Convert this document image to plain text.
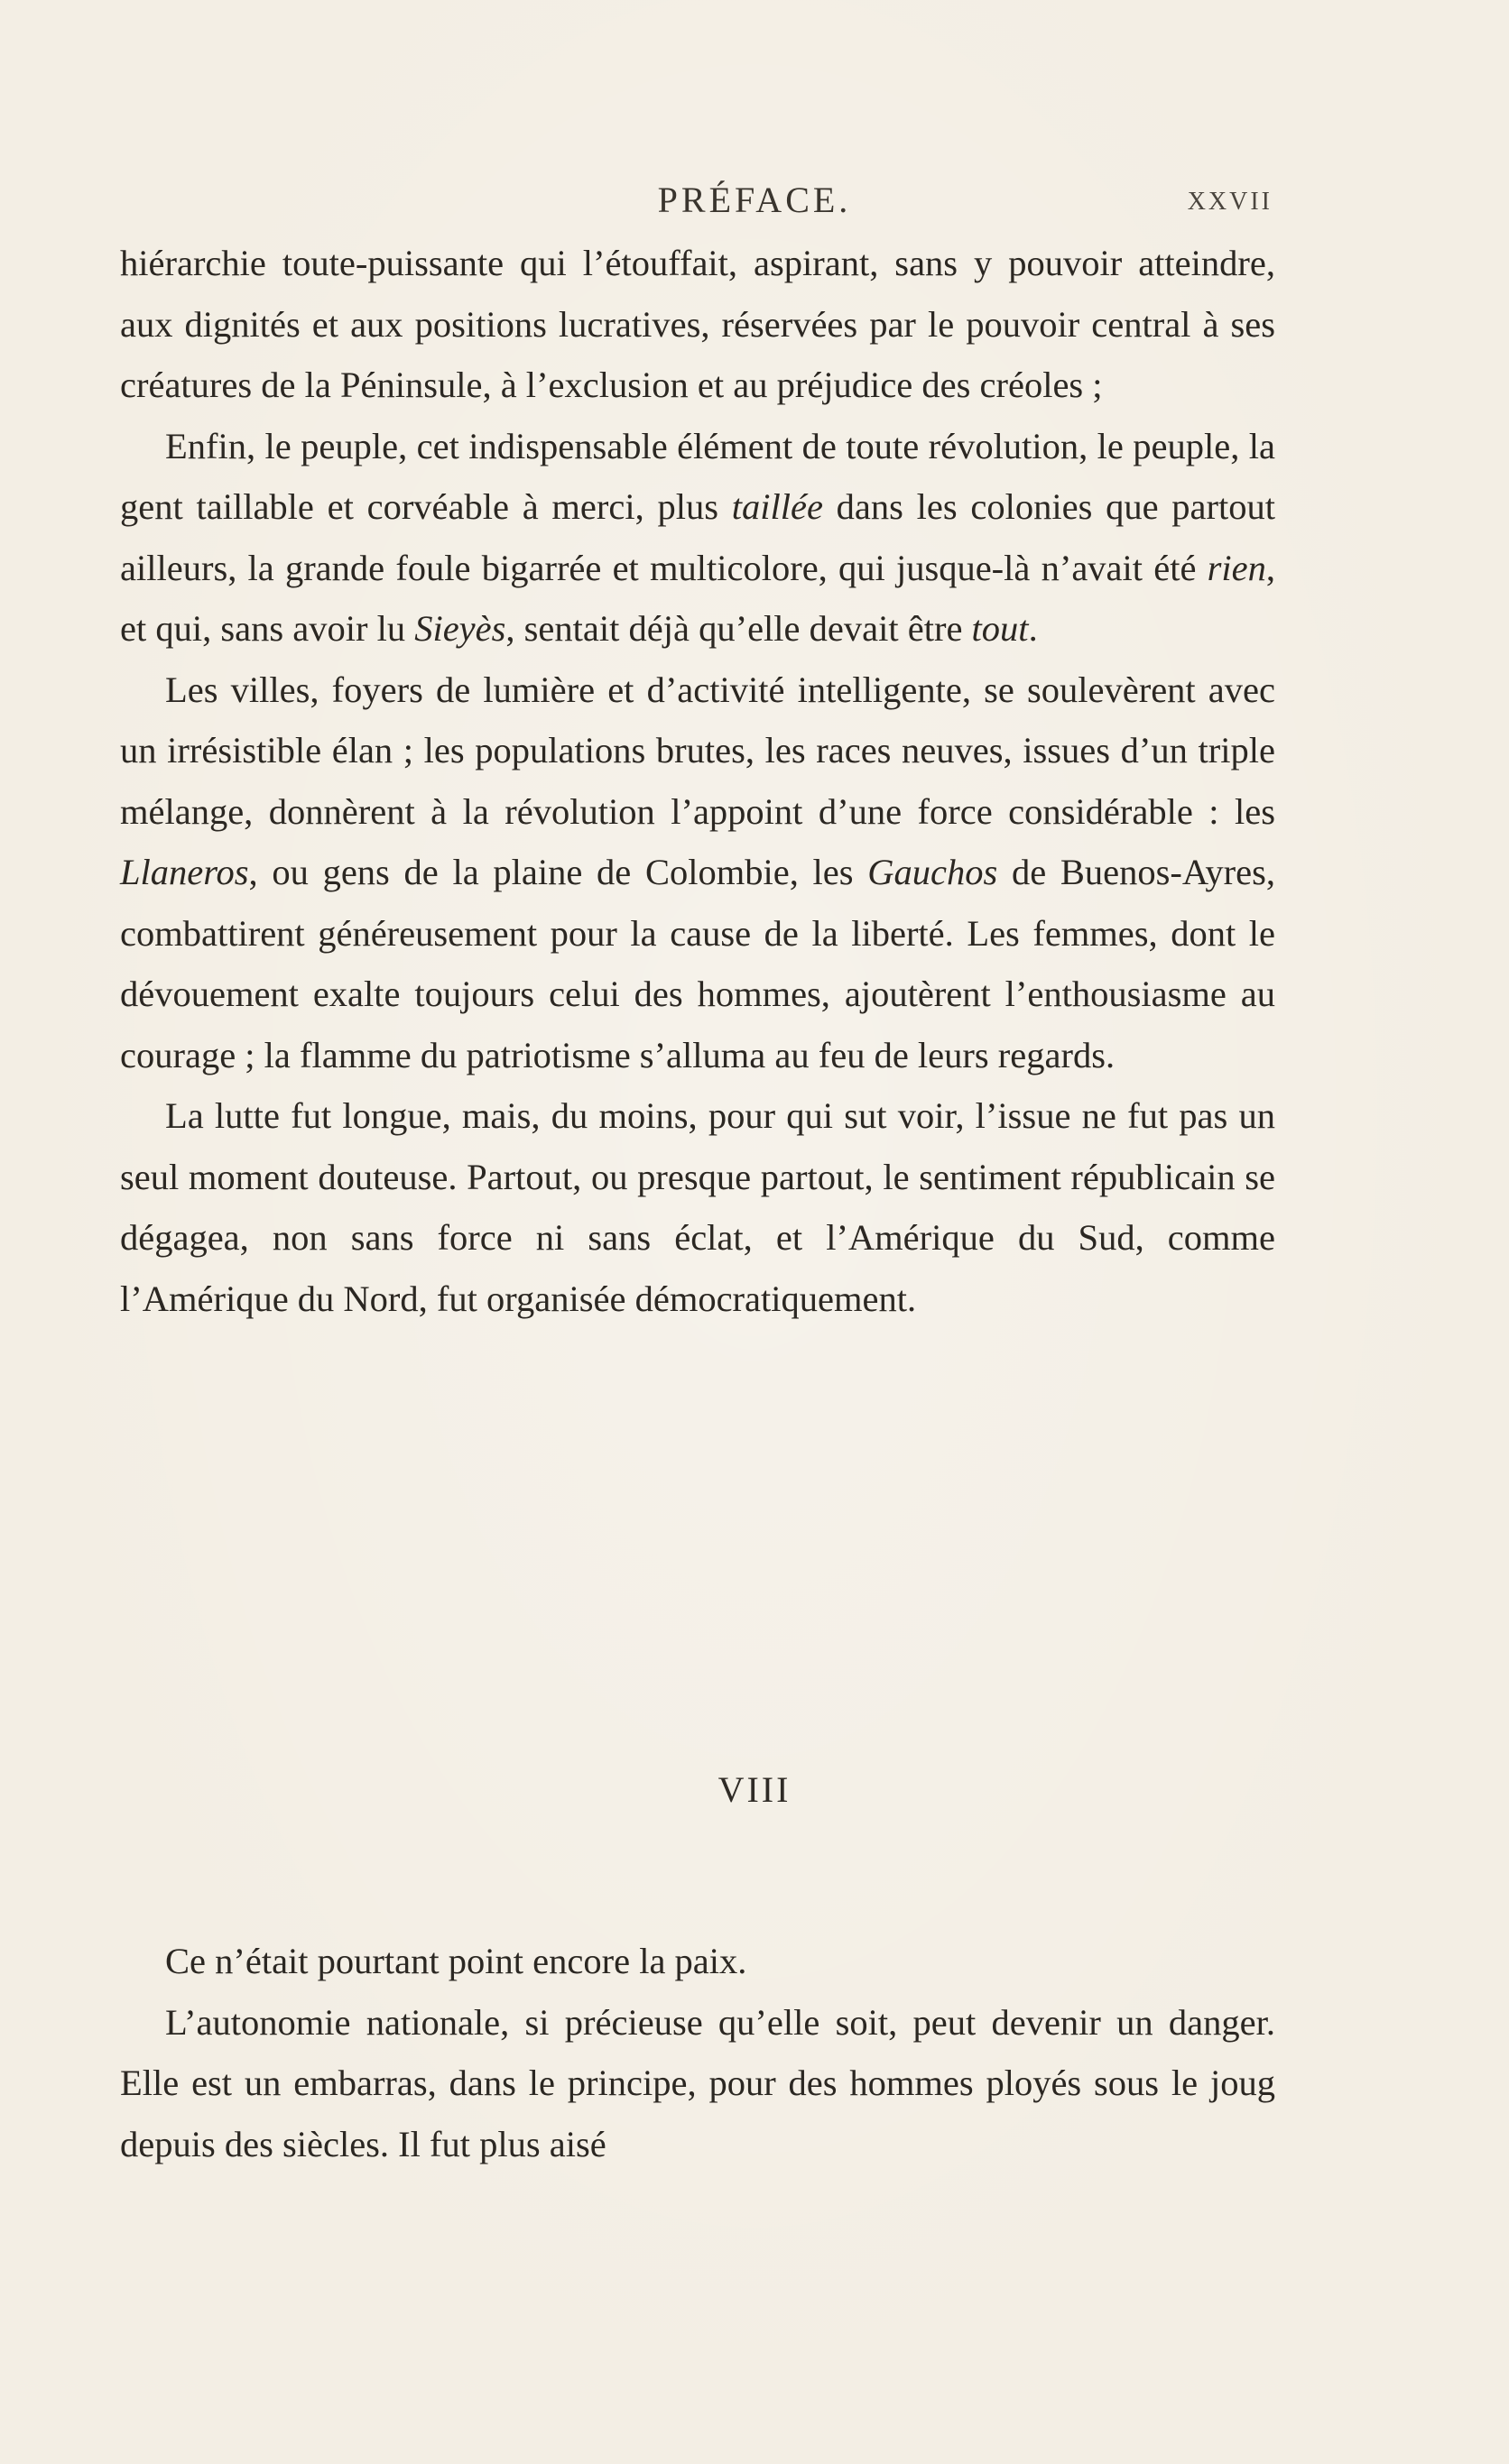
PRÉFACE.	XXVII

hiérarchie toute-puissante qui l’étouffait, aspirant, sans y pouvoir atteindre, aux dignités et aux positions lucratives, réservées par le pouvoir central à ses créatures de la Péninsule, à l’exclusion et au préjudice des créoles ;

Enfin, le peuple, cet indispensable élément de toute révolution, le peuple, la gent taillable et corvéable à merci, plus taillée dans les colonies que partout ailleurs, la grande foule bigarrée et multicolore, qui jusque-là n’avait été rien, et qui, sans avoir lu Sieyès, sentait déjà qu’elle devait être tout.

Les villes, foyers de lumière et d’activité intelligente, se soulevèrent avec un irrésistible élan ; les populations brutes, les races neuves, issues d’un triple mélange, donnèrent à la révolution l’appoint d’une force considérable : les Llaneros, ou gens de la plaine de Colombie, les Gauchos de Buenos-Ayres, combattirent généreusement pour la cause de la liberté. Les femmes, dont le dévouement exalte toujours celui des hommes, ajoutèrent l’enthousiasme au courage ; la flamme du patriotisme s’alluma au feu de leurs regards.

La lutte fut longue, mais, du moins, pour qui sut voir, l’issue ne fut pas un seul moment douteuse. Partout, ou presque partout, le sentiment républicain se dégagea, non sans force ni sans éclat, et l’Amérique du Sud, comme l’Amérique du Nord, fut organisée démocratiquement.

VIII

Ce n’était pourtant point encore la paix.

L’autonomie nationale, si précieuse qu’elle soit, peut devenir un danger. Elle est un embarras, dans le principe, pour des hommes ployés sous le joug depuis des siècles. Il fut plus aisé
